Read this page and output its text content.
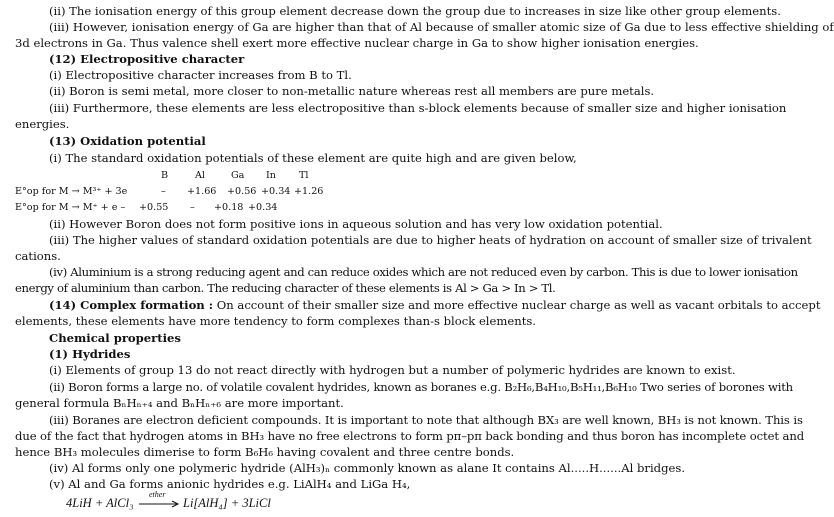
(ii) The ionisation energy of this group element decrease down the group due to increases in size like other group elements.
(iii) However, ionisation energy of Ga are higher than that of Al because of smaller atomic size of Ga due to less effective shielding of
3d electrons in Ga. Thus valence shell exert more effective nuclear charge in Ga to show higher ionisation energies.
(12) Electropositive character
(i) Electropositive character increases from B to Tl.
(ii) Boron is semi metal, more closer to non-metallic nature whereas rest all members are pure metals.
(iii) Furthermore, these elements are less electropositive than s-block elements because of smaller size and higher ionisation
energies.
(13) Oxidation potential
(i) The standard oxidation potentials of these element are quite high and are given below,
B	Al	Ga In Tl
E°op for M → M³⁺ + 3e	– +1.66 +0.56 +0.34 +1.26
E°op for M → M⁺ + e – +0.55 – +0.18 +0.34
(ii) However Boron does not form positive ions in aqueous solution and has very low oxidation potential.
(iii) The higher values of standard oxidation potentials are due to higher heats of hydration on account of smaller size of trivalent
cations.
(iv) Aluminium is a strong reducing agent and can reduce oxides which are not reduced even by carbon. This is due to lower ionisation
energy of aluminium than carbon. The reducing character of these elements is Al > Ga > In > Tl.
(14) Complex formation : On account of their smaller size and more effective nuclear charge as well as vacant orbitals to accept
elements, these elements have more tendency to form complexes than-s block elements.
Chemical properties
(1) Hydrides
(i) Elements of group 13 do not react directly with hydrogen but a number of polymeric hydrides are known to exist.
(ii) Boron forms a large no. of volatile covalent hydrides, known as boranes e.g. B₂H₆,B₄H₁₀,B₅H₁₁,B₆H₁₀ Two series of borones with
general formula BₙHₙ₊₄ and BₙHₙ₊₆ are more important.
(iii) Boranes are electron deficient compounds. It is important to note that although BX₃ are well known, BH₃ is not known. This is
due of the fact that hydrogen atoms in BH₃ have no free electrons to form pπ–pπ back bonding and thus boron has incomplete octet and
hence BH₃ molecules dimerise to form B₆H₆ having covalent and three centre bonds.
(iv) Al forms only one polymeric hydride (AlH₃)ₙ commonly known as alane It contains Al.....H......Al bridges.
(v) Al and Ga forms anionic hydrides e.g. LiAlH₄ and LiGa H₄,
4LiH + AlCl₃
ether
→ Li[AlH₄] + 3LiCl
